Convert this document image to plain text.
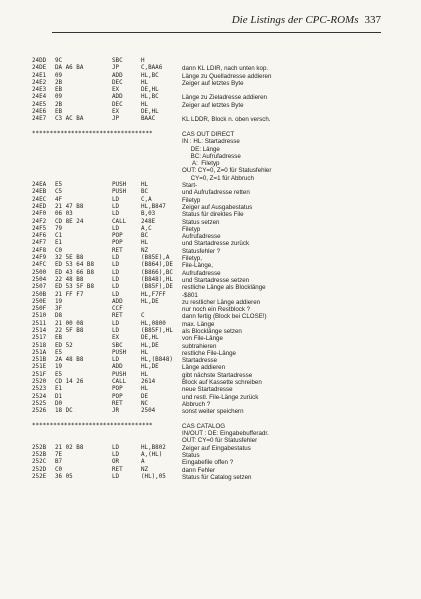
Die Listings der CPC-ROMs 337
24DD	9C	SBC	H
24DE	DA A6 BA	JP	C,BAA6	dann KL LDIR, nach unten kop.
24E1	09	ADD	HL,BC	Länge zu Quelladresse addieren
24E2	2B	DEC	HL	Zeiger auf letztes Byte
24E3	EB	EX	DE,HL
24E4	09	ADD	HL,BC	Länge zu Zieladresse addieren
24E5	2B	DEC	HL	Zeiger auf letztes Byte
24E6	EB	EX	DE,HL
24E7	C3 AC BA	JP	BAAC	KL LDDR, Block n. oben versch.
**********************************	CAS OUT DIRECT
IN : HL: Startadresse
DE: Länge
BC: Aufrufadresse
A:  Filetyp
OUT: CY=0, Z=0 für Statusfehler
CY=0, Z=1 für Abbruch
24EA	E5	PUSH	HL	Start-
24EB	C5	PUSH	BC	und Aufrufadresse retten
24EC	4F	LD	C,A	Filetyp
24ED	21 47 B8	LD	HL,B847	Zeiger auf Ausgabestatus
24F0	06 03	LD	B,03	Status für direktes File
24F2	CD 8E 24	CALL	248E	Status setzen
24F5	79	LD	A,C	Filetyp
24F6	C1	POP	BC	Aufrufadresse
24F7	E1	POP	HL	und Startadresse zurück
24F8	C0	RET	NZ	Statusfehler ?
24F9	32 5E B8	LD	(B85E),A	Filetyp,
24FC	ED 53 64 B8	LD	(B864),DE	File-Länge,
2500	ED 43 66 B8	LD	(B866),BC	Aufrufadresse
2504	22 48 B8	LD	(B848),HL	und Startadresse setzen
2507	ED 53 5F B8	LD	(B85F),DE	restliche Länge als Blocklänge
250B	21 FF F7	LD	HL,F7FF	-$801
250E	19	ADD	HL,DE	zu restlicher Länge addieren
250F	3F	CCF	nur noch ein Restblock ?
2510	D8	RET	C	dann fertig (Block bei CLOSE!)
2511	21 00 08	LD	HL,0800	max. Länge
2514	22 5F B8	LD	(B85F),HL	als Blocklänge setzen
2517	EB	EX	DE,HL	von File-Länge
2518	ED 52	SBC	HL,DE	subtrahieren
251A	E5	PUSH	HL	restliche File-Länge
251B	2A 48 B8	LD	HL,(B848)	Startadresse
251E	19	ADD	HL,DE	Länge addieren
251F	E5	PUSH	HL	gibt nächste Startadresse
2520	CD 14 26	CALL	2614	Block auf Kassette schreiben
2523	E1	POP	HL	neue Startadresse
2524	D1	POP	DE	und restl. File-Länge zurück
2525	D0	RET	NC	Abbruch ?
2526	18 DC	JR	2504	sonst weiter speichern
**********************************	CAS CATALOG
IN/OUT : DE: Eingabebufferadr.
OUT: CY=0 für Statusfehler
252B	21 02 B8	LD	HL,B802	Zeiger auf Eingabestatus
252B	7E	LD	A,(HL)	Status
252C	B7	OR	A	Eingabefile offen ?
252D	C0	RET	NZ	dann Fehler
252E	36 05	LD	(HL),05	Status für Catalog setzen
